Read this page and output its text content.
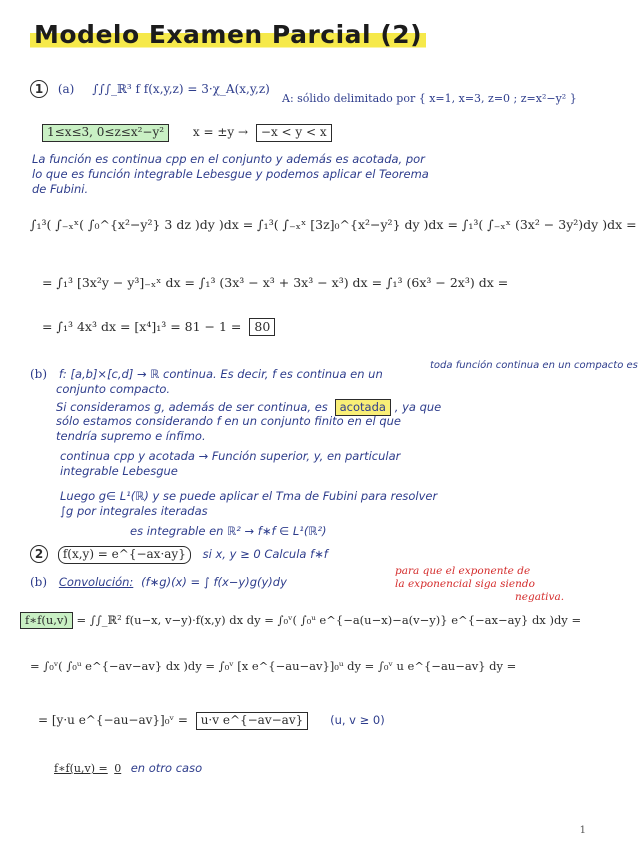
Modelo Examen Parcial (2)
1 (a) ∫∫∫_ℝ³ f f(x,y,z) = 3·χ_A(x,y,z)
A: sólido delimitado por { x=1, x=3, z=0 ; z=x²−y² }
1≤x≤3, 0≤z≤x²−y² x = ±y → −x < y < x
La función es continua cpp en el conjunto y además es acotada, por
lo que es función integrable Lebesgue y podemos aplicar el Teorema
de Fubini.
∫₁³( ∫₋ₓˣ( ∫₀^{x²−y²} 3 dz )dy )dx = ∫₁³( ∫₋ₓˣ [3z]₀^{x²−y²} dy )dx = ∫₁³( ∫₋ₓˣ (3x² − 3y²)dy )dx =
= ∫₁³ [3x²y − y³]₋ₓˣ dx = ∫₁³ (3x³ − x³ + 3x³ − x³) dx = ∫₁³ (6x³ − 2x³) dx =
= ∫₁³ 4x³ dx = [x⁴]₁³ = 81 − 1 = 80
(b) f: [a,b]×[c,d] → ℝ continua. Es decir, f es continua en un
conjunto compacto.
toda función continua en un compacto es
Si consideramos g, además de ser continua, es acotada , ya que
sólo estamos considerando f en un conjunto finito en el que
tendría supremo e ínfimo.
continua cpp y acotada → Función superior, y, en particular
integrable Lebesgue
Luego g∈ L¹(ℝ) y se puede aplicar el Tma de Fubini para resolver
∫g por integrales iteradas
es integrable en ℝ² → f∗f ∈ L¹(ℝ²)
2 f(x,y) = e^{−ax·ay} si x, y ≥ 0 Calcula f∗f
(b) Convolución: (f∗g)(x) = ∫ f(x−y)g(y)dy
para que el exponente de
la exponencial siga siendo
negativa.
f∗f(u,v) = ∫∫_ℝ² f(u−x, v−y)·f(x,y) dx dy = ∫₀ᵛ( ∫₀ᵘ e^{−a(u−x)−a(v−y)} e^{−ax−ay} dx )dy =
= ∫₀ᵛ( ∫₀ᵘ e^{−av−av} dx )dy = ∫₀ᵛ [x e^{−au−av}]₀ᵘ dy = ∫₀ᵛ u e^{−au−av} dy =
= [y·u e^{−au−av}]₀ᵛ = u·v e^{−av−av} (u, v ≥ 0)
f∗f(u,v) = 0 en otro caso
1
